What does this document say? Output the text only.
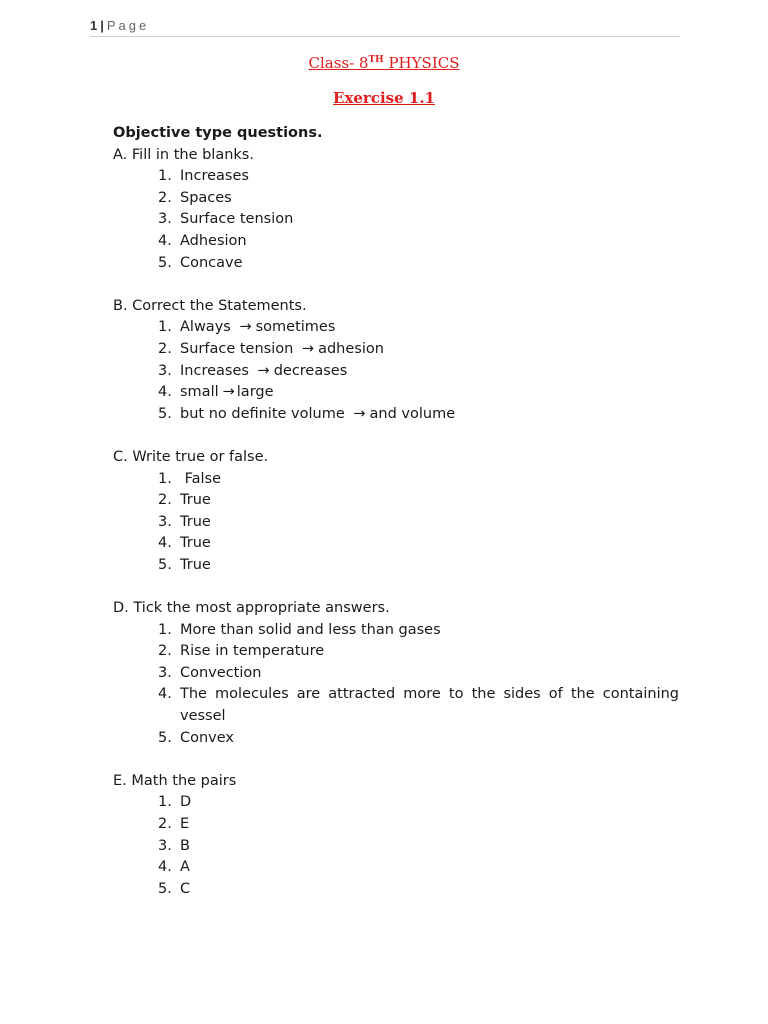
1 | Page
Class- 8TH PHYSICS
Exercise 1.1
Objective type questions.
A. Fill in the blanks.
1. Increases
2. Spaces
3. Surface tension
4. Adhesion
5. Concave
B. Correct the Statements.
1. Always → sometimes
2. Surface tension → adhesion
3. Increases → decreases
4. small → large
5. but no definite volume → and volume
C. Write true or false.
1. False
2. True
3. True
4. True
5. True
D. Tick the most appropriate answers.
1. More than solid and less than gases
2. Rise in temperature
3. Convection
4. The molecules are attracted more to the sides of the containing
vessel
5. Convex
E. Math the pairs
1. D
2. E
3. B
4. A
5. C
